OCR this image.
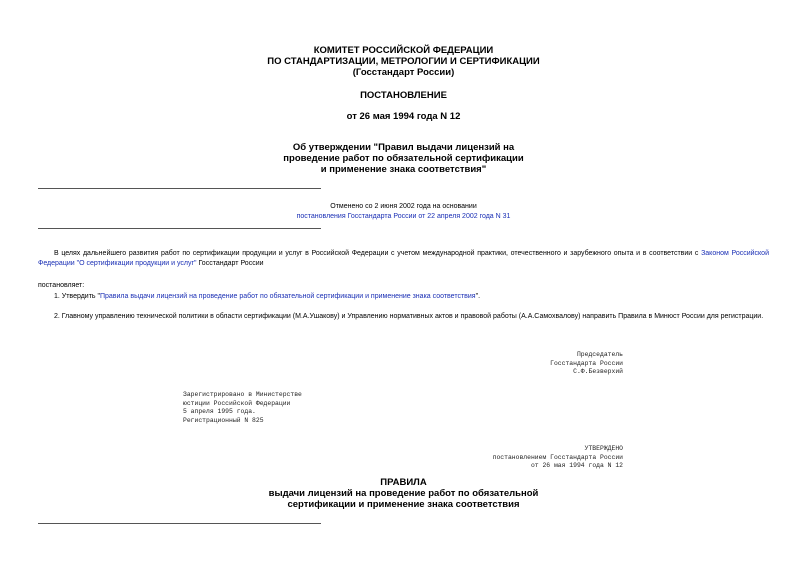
КОМИТЕТ РОССИЙСКОЙ ФЕДЕРАЦИИ

ПО СТАНДАРТИЗАЦИИ, МЕТРОЛОГИИ И СЕРТИФИКАЦИИ

(Госстандарт России)

ПОСТАНОВЛЕНИЕ
от 26 мая 1994 года N 12

Об утверждении "Правил выдачи лицензий на

проведение работ по обязательной сертификации

и применение знака соответствия"

Отменено со 2 июня 2002 года на основании

постановления Госстандарта России от 22 апреля 2002 года N 31

В целях дальнейшего развития работ по сертификации продукции и услуг в Российской Федерации с учетом международной практики, отечественного и зарубежного опыта и в соответствии с Законом Российской Федерации "О сертификации продукции и услуг" Госстандарт России
постановляет:
1. Утвердить "Правила выдачи лицензий на проведение работ по обязательной сертификации и применение знака соответствия".
2. Главному управлению технической политики в области сертификации (М.А.Ушакову) и Управлению нормативных актов и правовой работы (А.А.Самохвалову) направить Правила в Минюст России для регистрации.

Председатель

Госстандарта России

С.Ф.Безверхий

Зарегистрировано в Министерстве

юстиции Российской Федерации

5 апреля 1995 года.

Регистрационный N 825

УТВЕРЖДЕНО

постановлением Госстандарта России

от 26 мая 1994 года N 12

ПРАВИЛА

выдачи лицензий на проведение работ по обязательной

сертификации и применение знака соответствия
